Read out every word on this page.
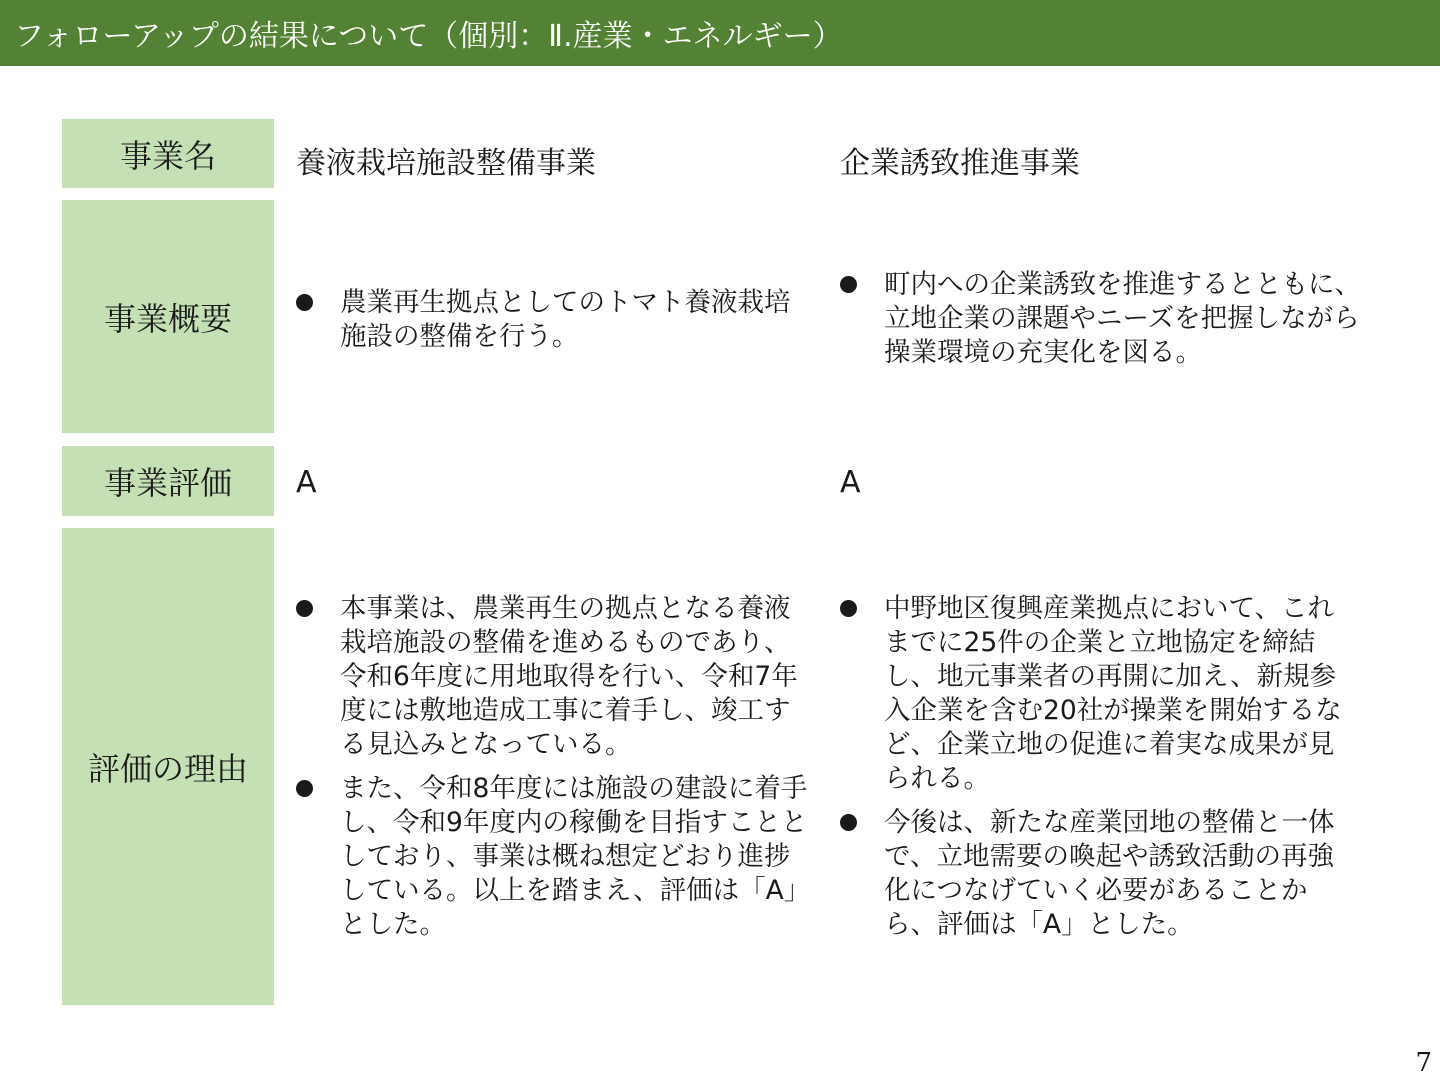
フォローアップの結果について（個別：Ⅱ.産業・エネルギー）
事業名
事業概要
事業評価
評価の理由
養液栽培施設整備事業
農業再生拠点としてのトマト養液栽培施設の整備を行う。
A
本事業は、農業再生の拠点となる養液栽培施設の整備を進めるものであり、令和6年度に用地取得を行い、令和7年度には敷地造成工事に着手し、竣工する見込みとなっている。
また、令和8年度には施設の建設に着手し、令和9年度内の稼働を目指すこととしており、事業は概ね想定どおり進捗している。以上を踏まえ、評価は「A」とした。
企業誘致推進事業
町内への企業誘致を推進するとともに、立地企業の課題やニーズを把握しながら操業環境の充実化を図る。
A
中野地区復興産業拠点において、これまでに25件の企業と立地協定を締結し、地元事業者の再開に加え、新規参入企業を含む20社が操業を開始するなど、企業立地の促進に着実な成果が見られる。
今後は、新たな産業団地の整備と一体で、立地需要の喚起や誘致活動の再強化につなげていく必要があることから、評価は「A」とした。
7
